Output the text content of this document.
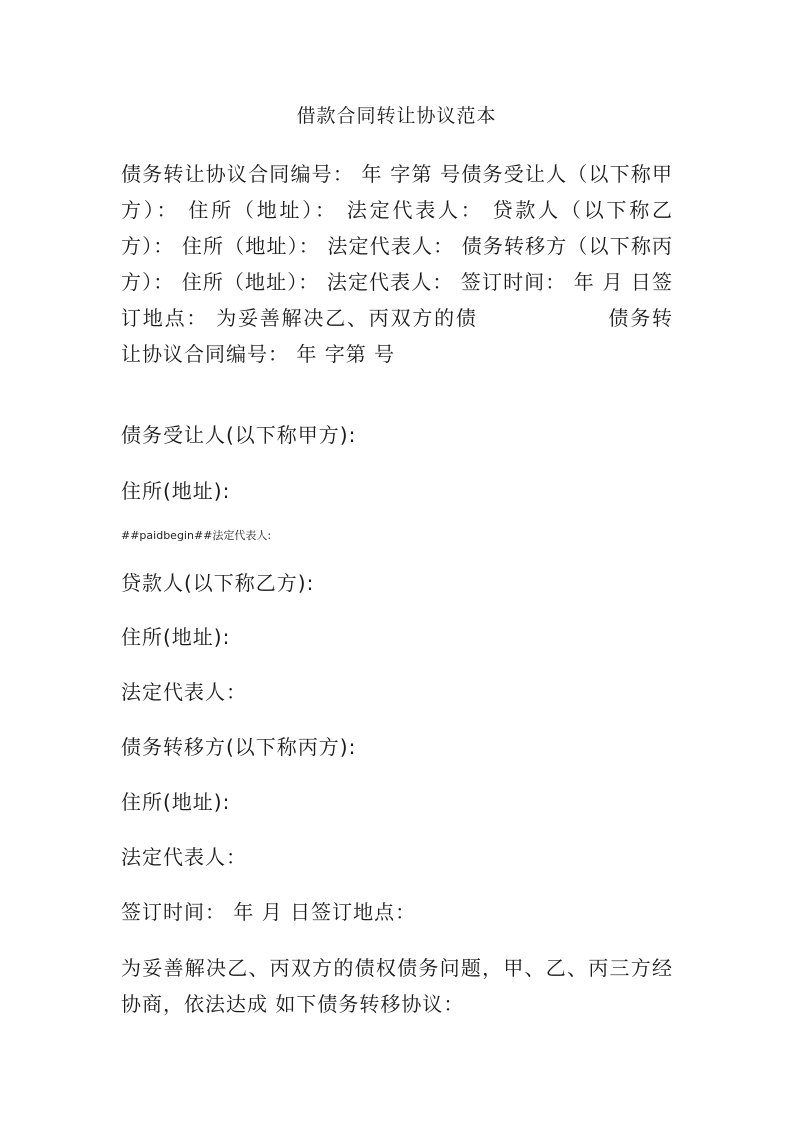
借款合同转让协议范本
债务转让协议合同编号： 年 字第 号债务受让人（以下称甲方）： 住所（地址）： 法定代表人： 贷款人（以下称乙方）： 住所（地址）： 法定代表人： 债务转移方（以下称丙方）： 住所（地址）： 法定代表人： 签订时间： 年 月 日签订地点： 为妥善解决乙、丙双方的债　　　　　　债务转让协议合同编号： 年 字第 号
债务受让人(以下称甲方):
住所(地址):
##paidbegin##法定代表人:
贷款人(以下称乙方):
住所(地址):
法定代表人：
债务转移方(以下称丙方):
住所(地址):
法定代表人：
签订时间： 年 月 日签订地点：
为妥善解决乙、丙双方的债权债务问题，甲、乙、丙三方经协商，依法达成 如下债务转移协议：
